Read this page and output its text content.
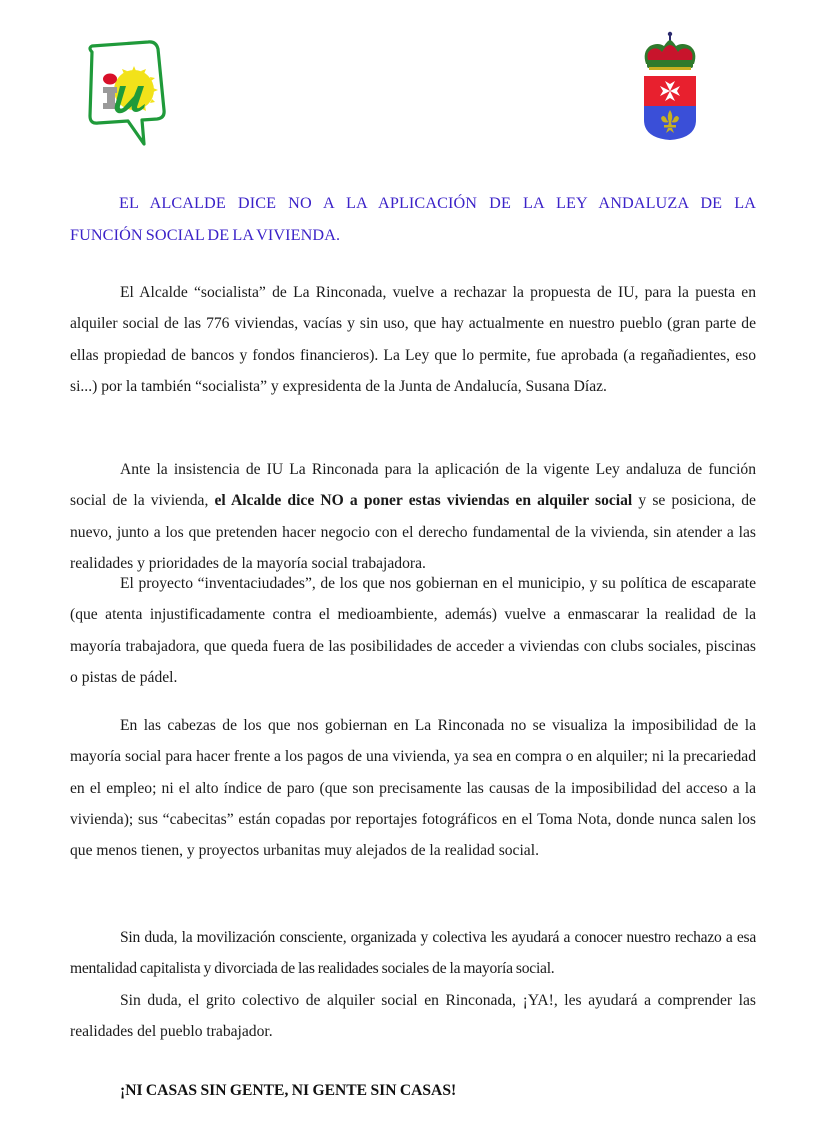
EL ALCALDE DICE NO A LA APLICACIÓN DE LA LEY ANDALUZA DE LA
FUNCIÓN SOCIAL DE LA VIVIENDA.

El Alcalde “socialista” de La Rinconada, vuelve a rechazar la propuesta de IU, para la puesta en alquiler social de las 776 viviendas, vacías y sin uso, que hay actualmente en nuestro pueblo (gran parte de ellas propiedad de bancos y fondos financieros). La Ley que lo permite, fue aprobada (a regañadientes, eso si...) por la también “socialista” y expresidenta de la Junta de Andalucía, Susana Díaz.

Ante la insistencia de IU La Rinconada para la aplicación de la vigente Ley andaluza de función social de la vivienda, el Alcalde dice NO a poner estas viviendas en alquiler social y se posiciona, de nuevo, junto a los que pretenden hacer negocio con el derecho fundamental de la vivienda, sin atender a las realidades y prioridades de la mayoría social trabajadora.

El proyecto “inventaciudades”, de los que nos gobiernan en el municipio, y su política de escaparate (que atenta injustificadamente contra el medioambiente, además) vuelve a enmascarar la realidad de la mayoría trabajadora, que queda fuera de las posibilidades de acceder a viviendas con clubs sociales, piscinas o pistas de pádel.

En las cabezas de los que nos gobiernan en La Rinconada no se visualiza la imposibilidad de la mayoría social para hacer frente a los pagos de una vivienda, ya sea en compra o en alquiler; ni la precariedad en el empleo; ni el alto índice de paro (que son precisamente las causas de la imposibilidad del acceso a la vivienda); sus “cabecitas” están copadas por reportajes fotográficos en el Toma Nota, donde nunca salen los que menos tienen, y proyectos urbanitas muy alejados de la realidad social.

Sin duda, la movilización consciente, organizada y colectiva les ayudará a conocer nuestro rechazo a esa mentalidad capitalista y divorciada de las realidades sociales de la mayoría social.

Sin duda, el grito colectivo de alquiler social en Rinconada, ¡YA!, les ayudará a comprender las realidades del pueblo trabajador.

¡NI CASAS SIN GENTE, NI GENTE SIN CASAS!
